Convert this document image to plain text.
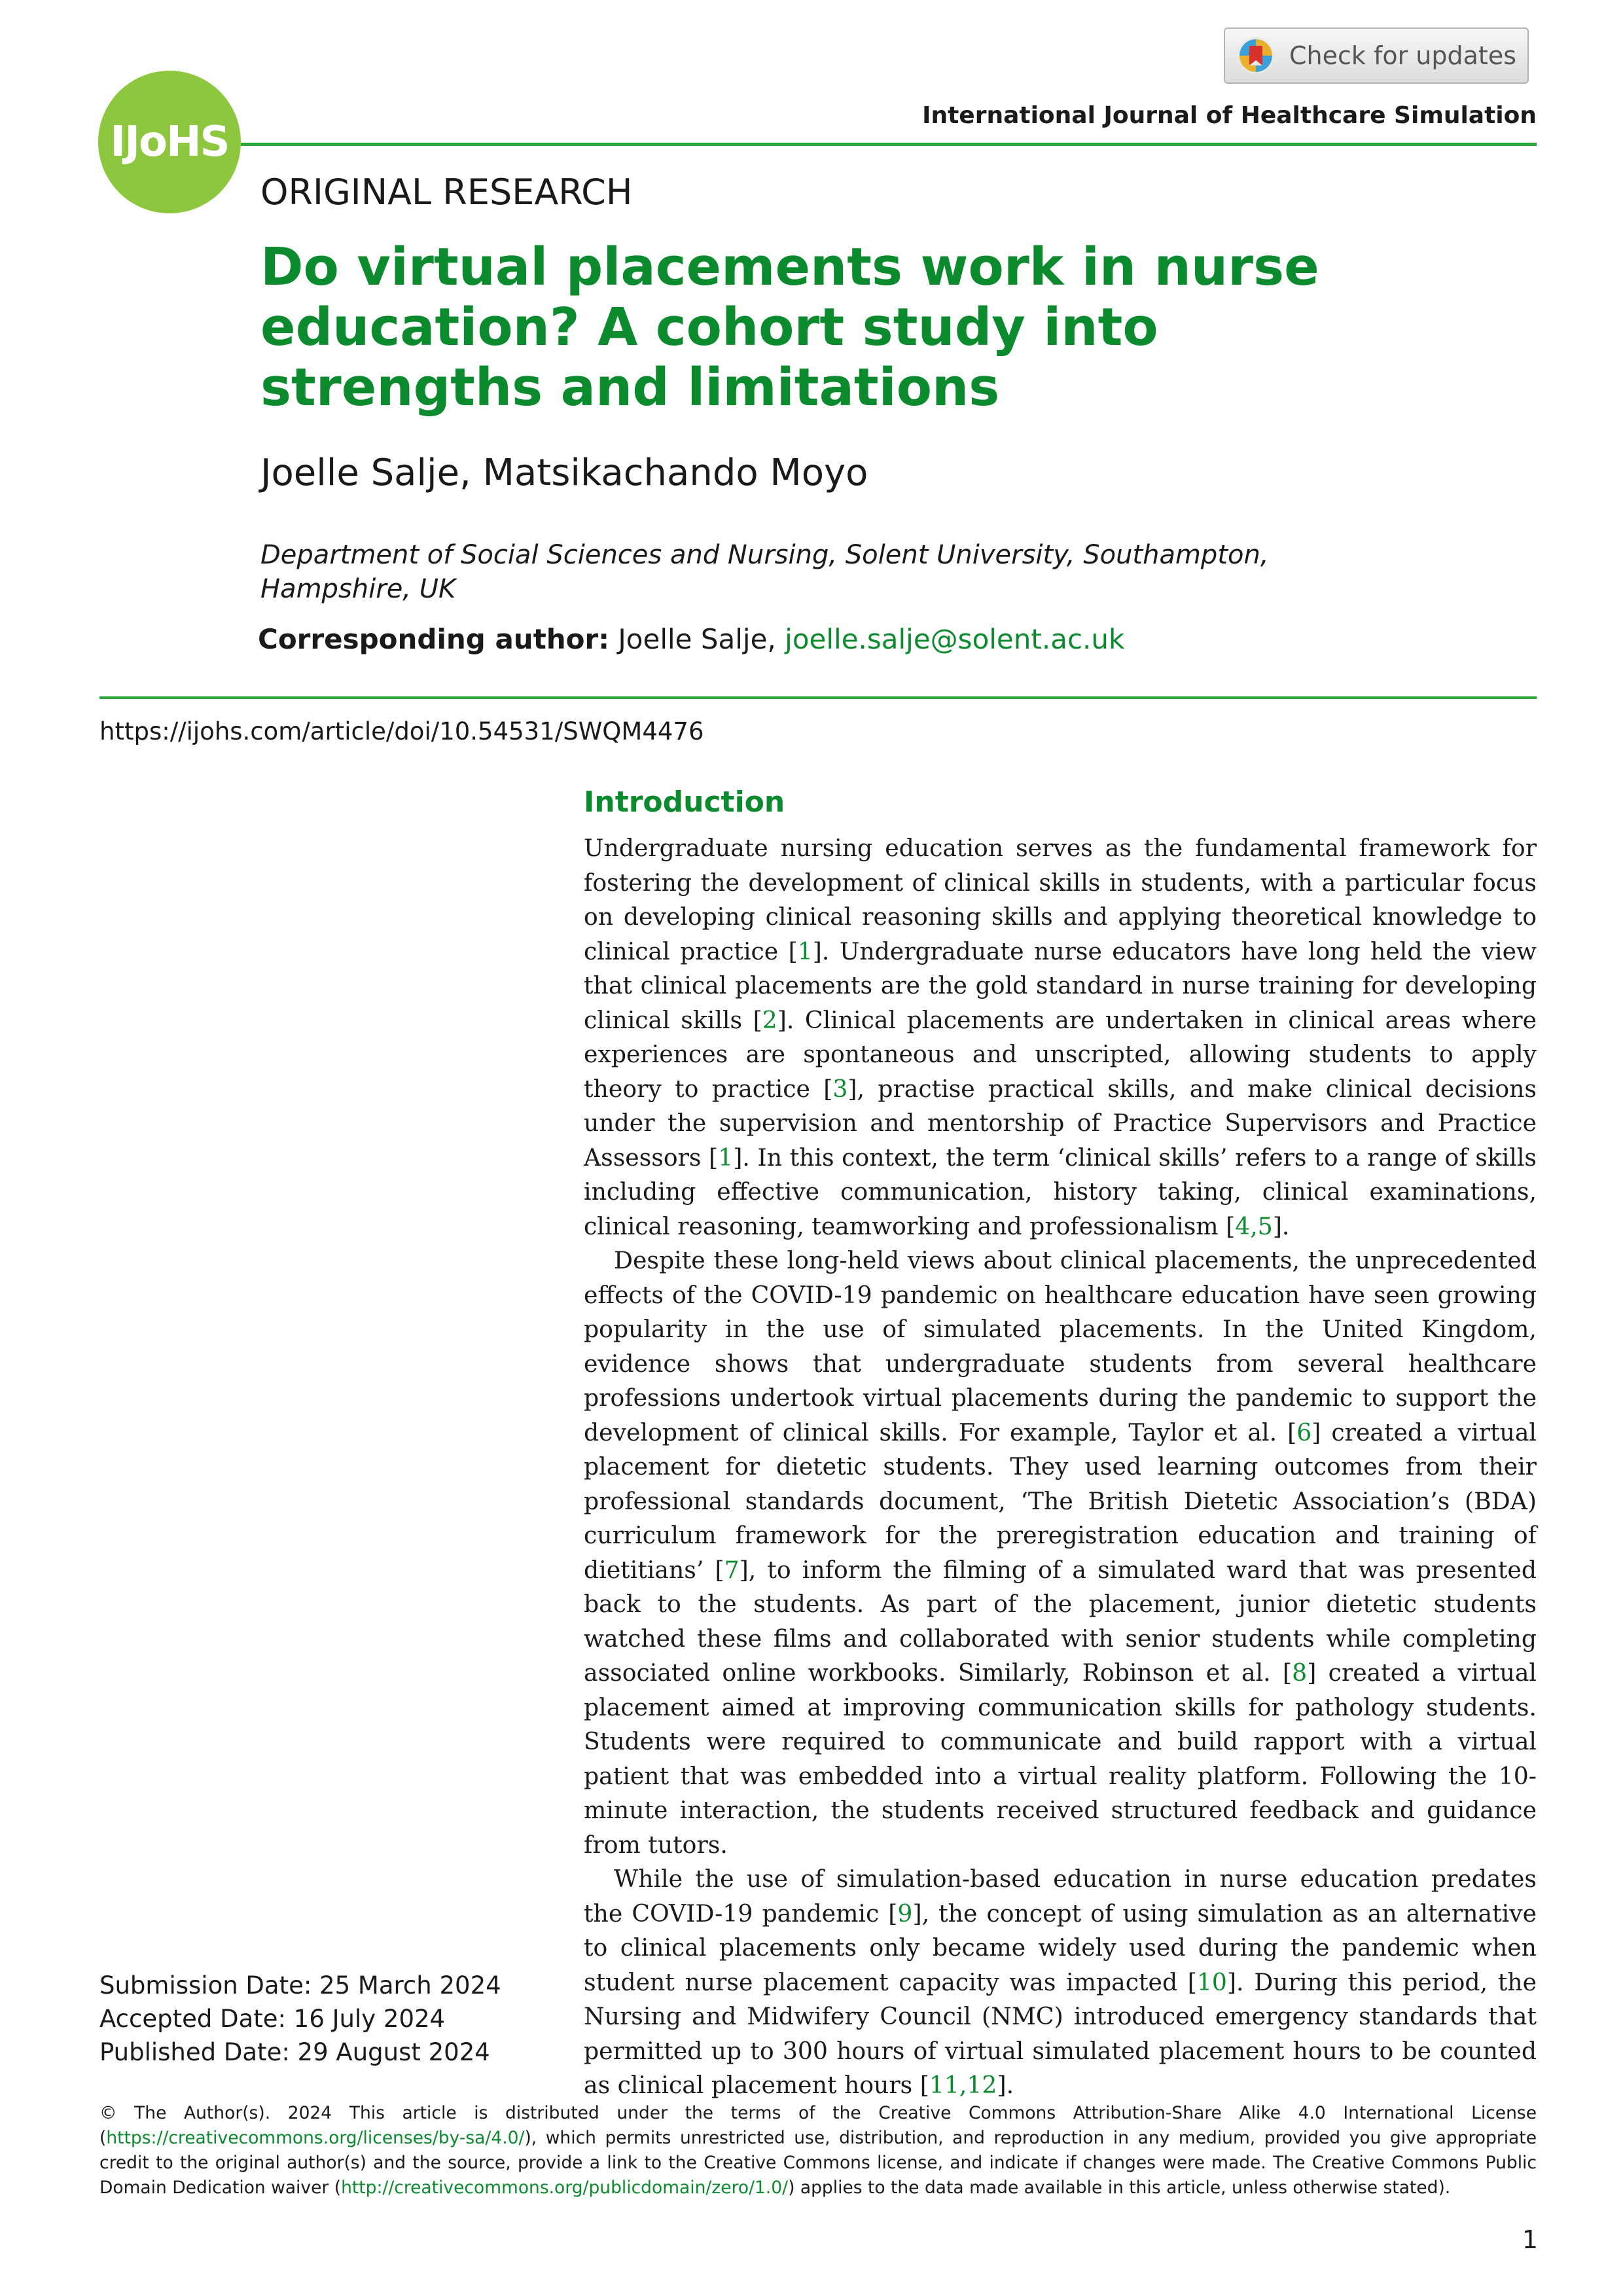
Check for updates
IJoHS
International Journal of Healthcare Simulation
ORIGINAL RESEARCH
Do virtual placements work in nurse education? A cohort study into strengths and limitations
Joelle Salje, Matsikachando Moyo
Department of Social Sciences and Nursing, Solent University, Southampton, Hampshire, UK
Corresponding author: Joelle Salje, joelle.salje@solent.ac.uk
https://ijohs.com/article/doi/10.54531/SWQM4476
Introduction

Undergraduate nursing education serves as the fundamental framework for fostering the development of clinical skills in students, with a particular focus on developing clinical reasoning skills and applying theoretical knowledge to clinical practice [1]. Undergraduate nurse educators have long held the view that clinical placements are the gold standard in nurse training for developing clinical skills [2]. Clinical placements are undertaken in clinical areas where experiences are spontaneous and unscripted, allowing students to apply theory to practice [3], practise practical skills, and make clinical decisions under the supervision and mentorship of Practice Supervisors and Practice Assessors [1]. In this context, the term ‘clinical skills’ refers to a range of skills including effective communication, history taking, clinical examinations, clinical reasoning, teamworking and professionalism [4,5].

Despite these long-held views about clinical placements, the unprecedented effects of the COVID-19 pandemic on healthcare education have seen growing popularity in the use of simulated placements. In the United Kingdom, evidence shows that undergraduate students from several healthcare professions undertook virtual placements during the pandemic to support the development of clinical skills. For example, Taylor et al. [6] created a virtual placement for dietetic students. They used learning outcomes from their professional standards document, ‘The British Dietetic Association’s (BDA) curriculum framework for the preregistration education and training of dietitians’ [7], to inform the filming of a simulated ward that was presented back to the students. As part of the placement, junior dietetic students watched these films and collaborated with senior students while completing associated online workbooks. Similarly, Robinson et al. [8] created a virtual placement aimed at improving communication skills for pathology students. Students were required to communicate and build rapport with a virtual patient that was embedded into a virtual reality platform. Following the 10-minute interaction, the students received structured feedback and guidance from tutors.

While the use of simulation-based education in nurse education predates the COVID-19 pandemic [9], the concept of using simulation as an alternative to clinical placements only became widely used during the pandemic when student nurse placement capacity was impacted [10]. During this period, the Nursing and Midwifery Council (NMC) introduced emergency standards that permitted up to 300 hours of virtual simulated placement hours to be counted as clinical placement hours [11,12].

Submission Date: 25 March 2024
Accepted Date: 16 July 2024
Published Date: 29 August 2024
© The Author(s). 2024 This article is distributed under the terms of the Creative Commons Attribution-Share Alike 4.0 International License (https://creativecommons.org/licenses/by-sa/4.0/), which permits unrestricted use, distribution, and reproduction in any medium, provided you give appropriate credit to the original author(s) and the source, provide a link to the Creative Commons license, and indicate if changes were made. The Creative Commons Public Domain Dedication waiver (http://creativecommons.org/publicdomain/zero/1.0/) applies to the data made available in this article, unless otherwise stated).
1
